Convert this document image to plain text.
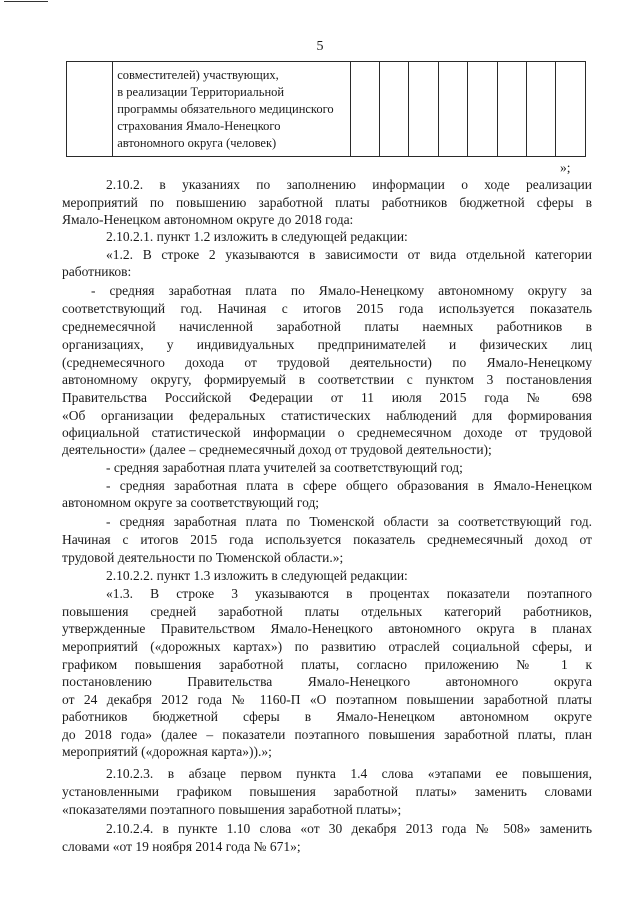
5

совместителей) участвующих,
в реализации Территориальной
программы обязательного медицинского
страхования Ямало-Ненецкого
автономного округа (человек)

»;
2.10.2. в указаниях по заполнению информации о ходе реализации
мероприятий по повышению заработной платы работников бюджетной сферы в
Ямало-Ненецком автономном округе до 2018 года:
2.10.2.1. пункт 1.2 изложить в следующей редакции:
«1.2. В строке 2 указываются в зависимости от вида отдельной категории
работников:
- средняя заработная плата по Ямало-Ненецкому автономному округу за
соответствующий год. Начиная с итогов 2015 года используется показатель
среднемесячной начисленной заработной платы наемных работников в
организациях, у индивидуальных предпринимателей и физических лиц
(среднемесячного дохода от трудовой деятельности) по Ямало-Ненецкому
автономному округу, формируемый в соответствии с пунктом 3 постановления
Правительства Российской Федерации от 11 июля 2015 года № 698
«Об организации федеральных статистических наблюдений для формирования
официальной статистической информации о среднемесячном доходе от трудовой
деятельности» (далее – среднемесячный доход от трудовой деятельности);
- средняя заработная плата учителей за соответствующий год;
- средняя заработная плата в сфере общего образования в Ямало-Ненецком
автономном округе за соответствующий год;
- средняя заработная плата по Тюменской области за соответствующий год.
Начиная с итогов 2015 года используется показатель среднемесячный доход от
трудовой деятельности по Тюменской области.»;
2.10.2.2. пункт 1.3 изложить в следующей редакции:
«1.3. В строке 3 указываются в процентах показатели поэтапного
повышения средней заработной платы отдельных категорий работников,
утвержденные Правительством Ямало-Ненецкого автономного округа в планах
мероприятий («дорожных картах») по развитию отраслей социальной сферы, и
графиком повышения заработной платы, согласно приложению № 1 к
постановлению Правительства Ямало-Ненецкого автономного округа
от 24 декабря 2012 года № 1160-П «О поэтапном повышении заработной платы
работников бюджетной сферы в Ямало-Ненецком автономном округе
до 2018 года» (далее – показатели поэтапного повышения заработной платы, план
мероприятий («дорожная карта»)).»;
2.10.2.3. в абзаце первом пункта 1.4 слова «этапами ее повышения,
установленными графиком повышения заработной платы» заменить словами
«показателями поэтапного повышения заработной платы»;
2.10.2.4. в пункте 1.10 слова «от 30 декабря 2013 года № 508» заменить
словами «от 19 ноября 2014 года № 671»;
